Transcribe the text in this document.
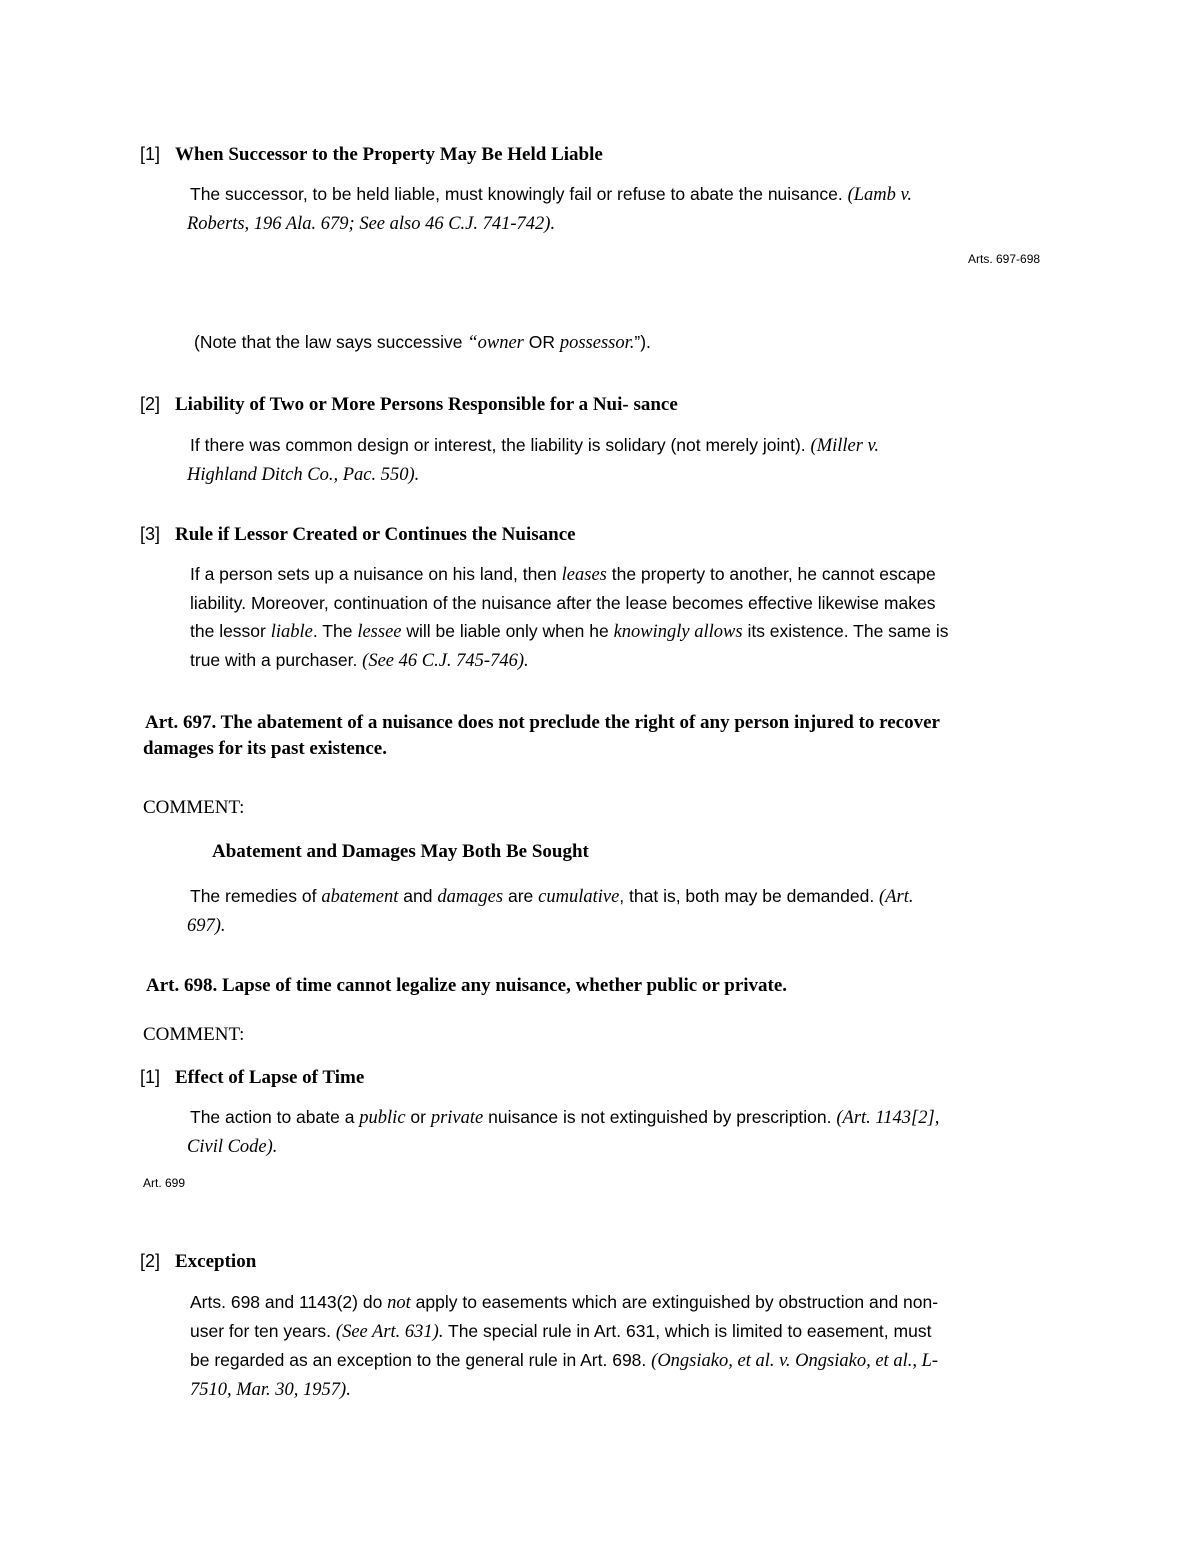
[1] When Successor to the Property May Be Held Liable
The successor, to be held liable, must knowingly fail or refuse to abate the nuisance. (Lamb v.
Roberts, 196 Ala. 679; See also 46 C.J. 741-742).
Arts. 697-698
(Note that the law says successive “owner OR possessor.”).
[2] Liability of Two or More Persons Responsible for a Nui- sance
If there was common design or interest, the liability is solidary (not merely joint). (Miller v.
Highland Ditch Co., Pac. 550).
[3] Rule if Lessor Created or Continues the Nuisance
If a person sets up a nuisance on his land, then leases the property to another, he cannot escape
liability. Moreover, continuation of the nuisance after the lease becomes effective likewise makes
the lessor liable. The lessee will be liable only when he knowingly allows its existence. The same is
true with a purchaser. (See 46 C.J. 745-746).
Art. 697. The abatement of a nuisance does not preclude the right of any person injured to recover
damages for its past existence.
COMMENT:
Abatement and Damages May Both Be Sought
The remedies of abatement and damages are cumulative, that is, both may be demanded. (Art.
697).
Art. 698. Lapse of time cannot legalize any nuisance, whether public or private.
COMMENT:
[1] Effect of Lapse of Time
The action to abate a public or private nuisance is not extinguished by prescription. (Art. 1143[2],
Civil Code).
Art. 699
[2] Exception
Arts. 698 and 1143(2) do not apply to easements which are extinguished by obstruction and non-
user for ten years. (See Art. 631). The special rule in Art. 631, which is limited to easement, must
be regarded as an exception to the general rule in Art. 698. (Ongsiako, et al. v. Ongsiako, et al., L-
7510, Mar. 30, 1957).
